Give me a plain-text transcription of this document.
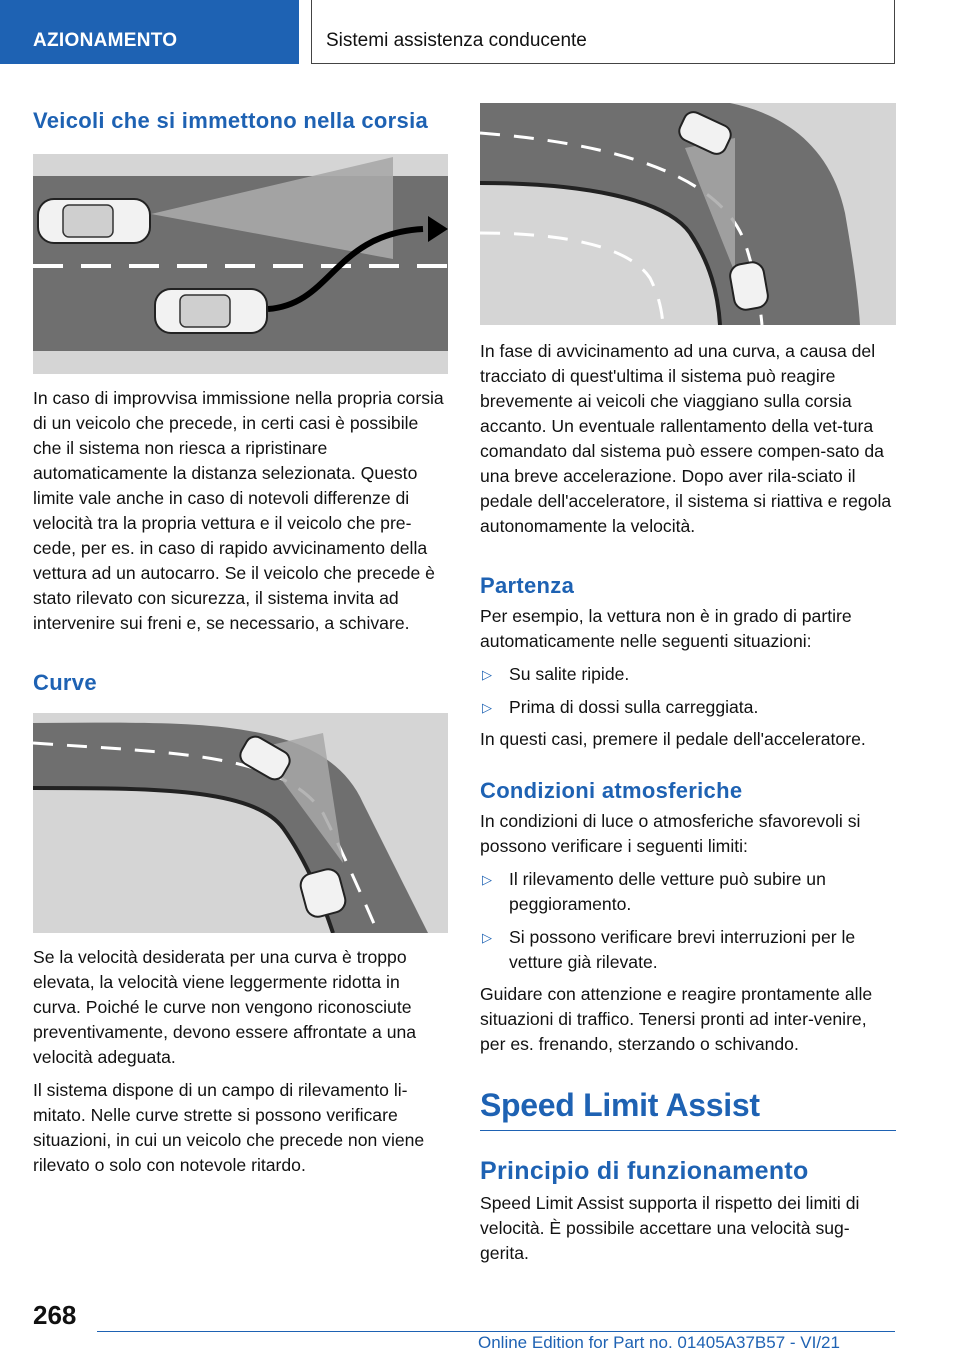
AZIONAMENTO	Sistemi assistenza conducente
Veicoli che si immettono nella corsia

In caso di improvvisa immissione nella propria corsia di un veicolo che precede, in certi casi è possibile che il sistema non riesca a ripristinare automaticamente la distanza selezionata. Questo limite vale anche in caso di notevoli differenze di velocità tra la propria vettura e il veicolo che pre-cede, per es. in caso di rapido avvicinamento della vettura ad un autocarro. Se il veicolo che precede è stato rilevato con sicurezza, il sistema invita ad intervenire sui freni e, se necessario, a schivare.

Curve

Se la velocità desiderata per una curva è troppo elevata, la velocità viene leggermente ridotta in curva. Poiché le curve non vengono riconosciute preventivamente, devono essere affrontate a una velocità adeguata.

Il sistema dispone di un campo di rilevamento li-mitato. Nelle curve strette si possono verificare situazioni, in cui un veicolo che precede non viene rilevato o solo con notevole ritardo.

In fase di avvicinamento ad una curva, a causa del tracciato di quest'ultima il sistema può reagire brevemente ai veicoli che viaggiano sulla corsia accanto. Un eventuale rallentamento della vet-tura comandato dal sistema può essere compen-sato da una breve accelerazione. Dopo aver rila-sciato il pedale dell'acceleratore, il sistema si riattiva e regola autonomamente la velocità.

Partenza

Per esempio, la vettura non è in grado di partire automaticamente nelle seguenti situazioni:

▷ Su salite ripide.
▷ Prima di dossi sulla carreggiata.

In questi casi, premere il pedale dell'acceleratore.

Condizioni atmosferiche

In condizioni di luce o atmosferiche sfavorevoli si possono verificare i seguenti limiti:

▷ Il rilevamento delle vetture può subire un peggioramento.
▷ Si possono verificare brevi interruzioni per le vetture già rilevate.

Guidare con attenzione e reagire prontamente alle situazioni di traffico. Tenersi pronti ad inter-venire, per es. frenando, sterzando o schivando.

Speed Limit Assist
Principio di funzionamento

Speed Limit Assist supporta il rispetto dei limiti di velocità. È possibile accettare una velocità sug-gerita.

268
Online Edition for Part no. 01405A37B57 - VI/21
